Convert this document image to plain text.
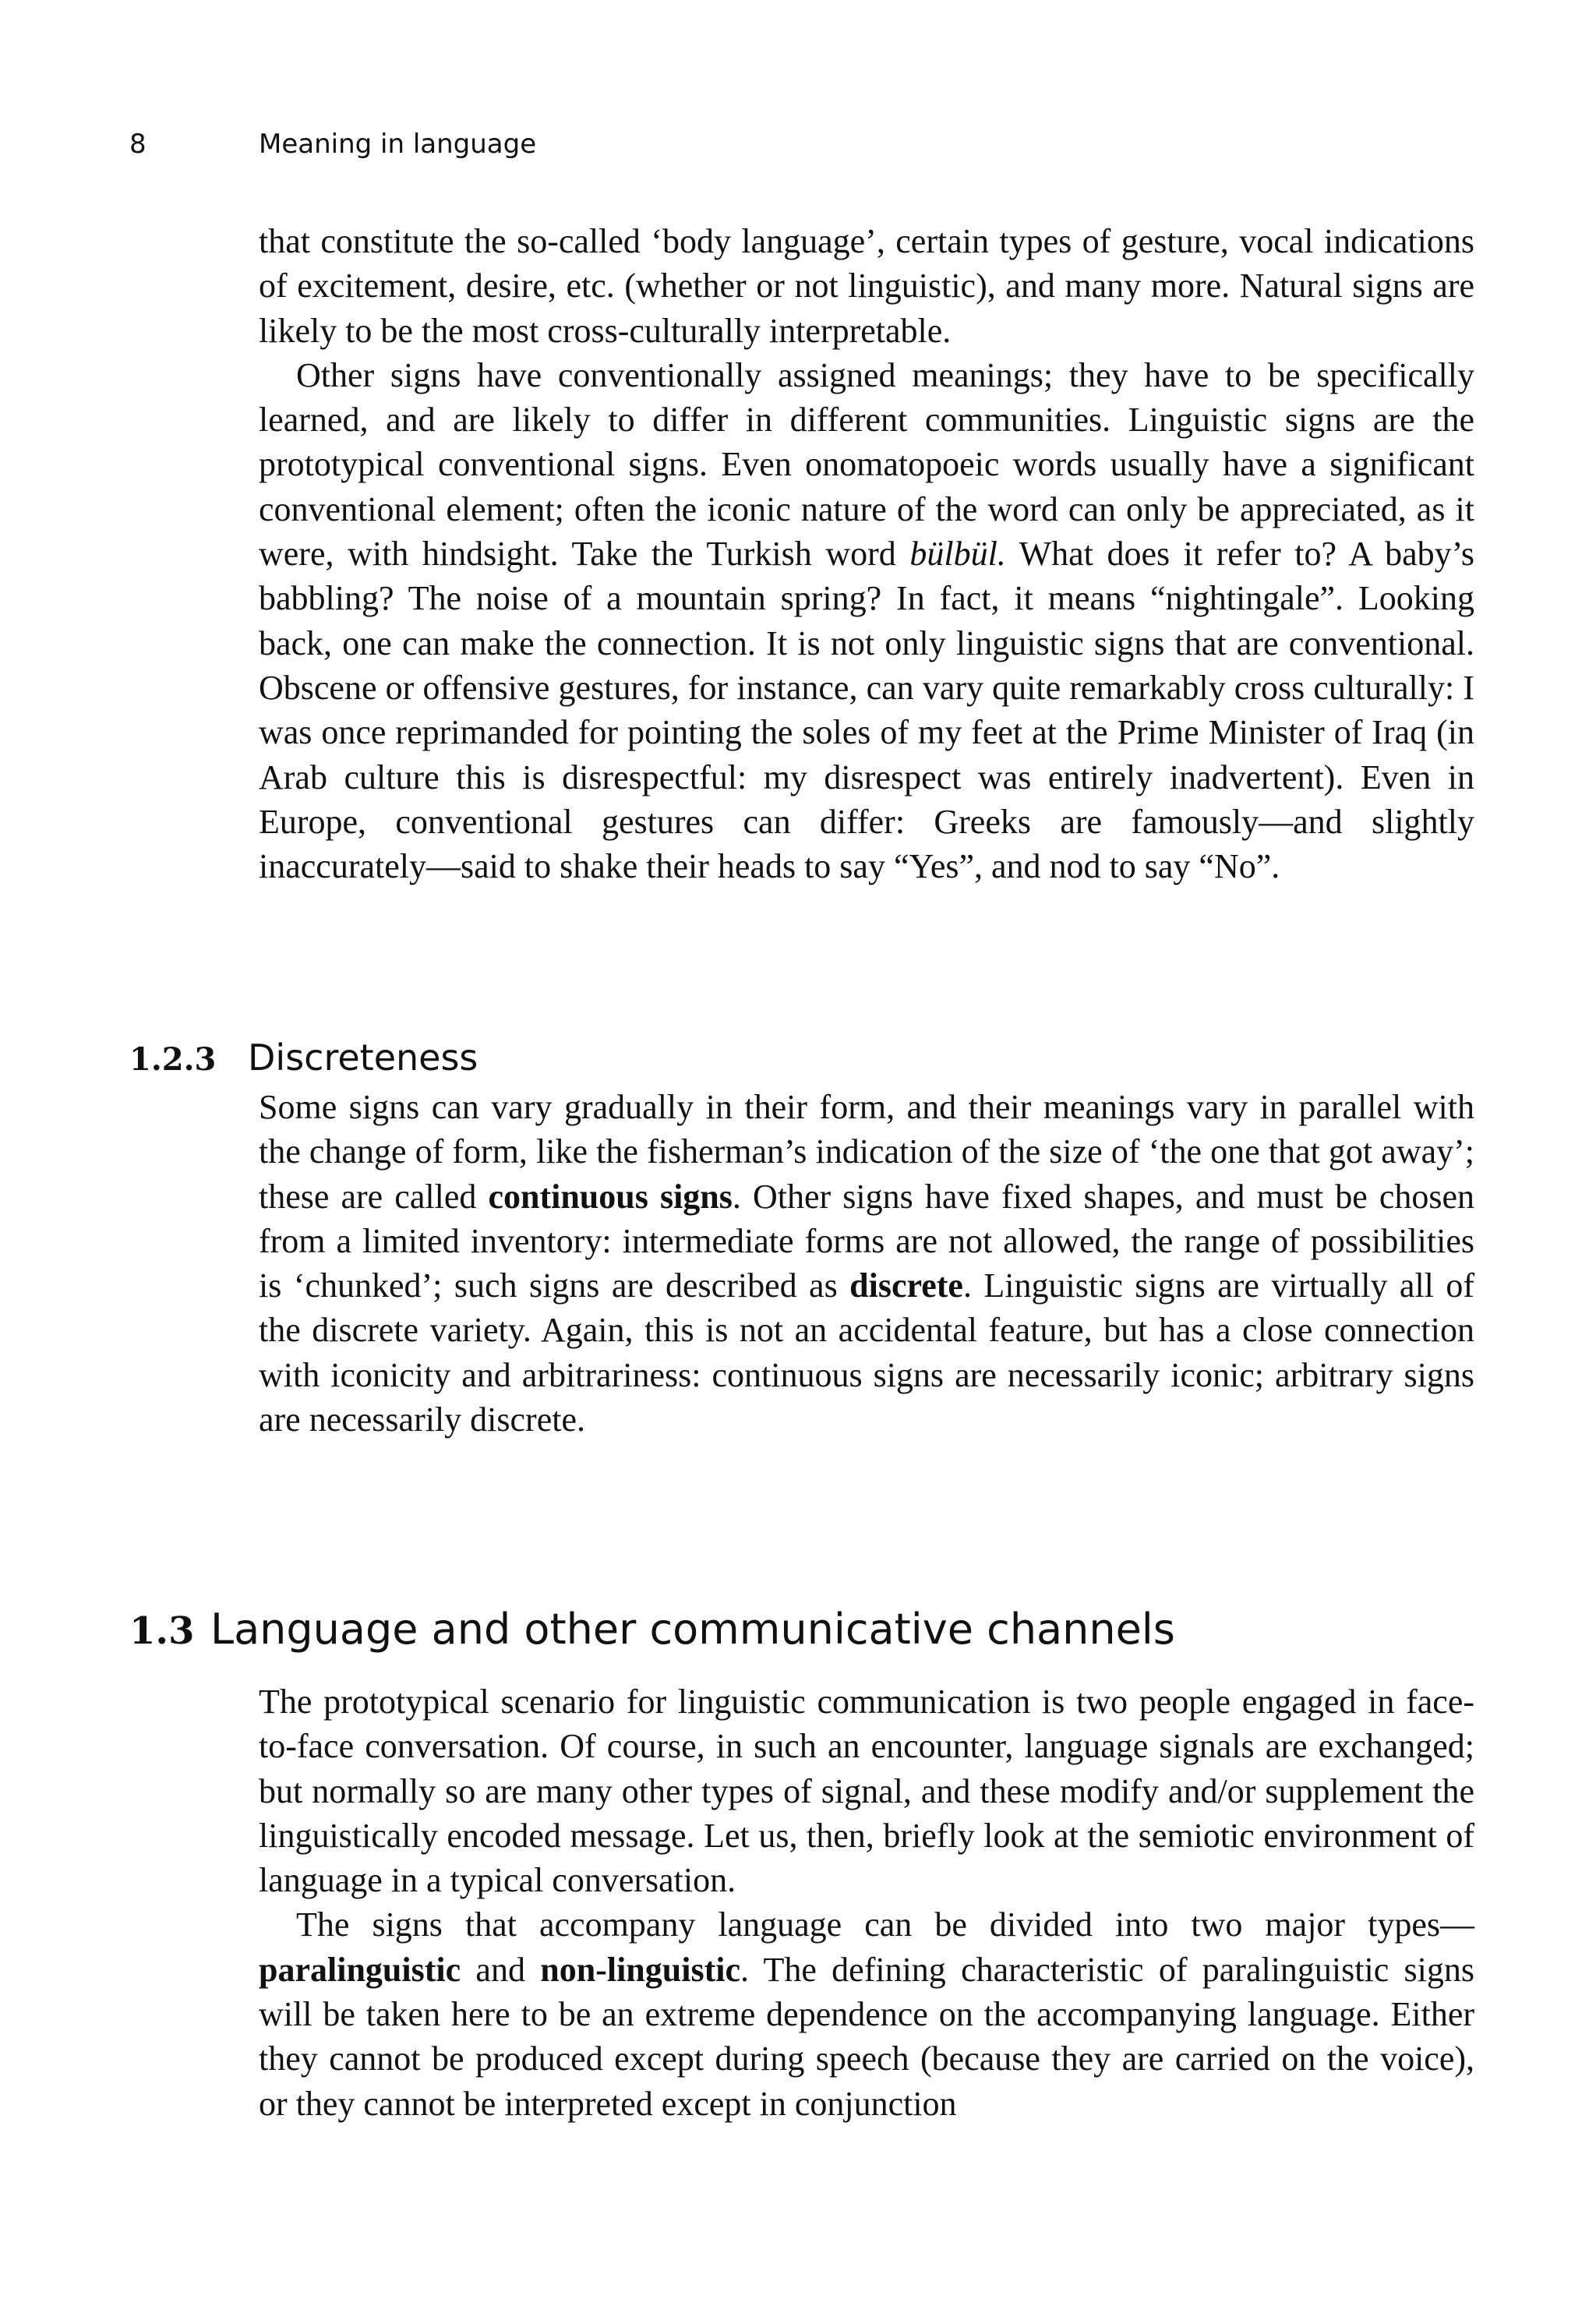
8	Meaning in language

that constitute the so-called ‘body language’, certain types of gesture, vocal indications of excitement, desire, etc. (whether or not linguistic), and many more. Natural signs are likely to be the most cross-culturally interpretable.

Other signs have conventionally assigned meanings; they have to be specifically learned, and are likely to differ in different communities. Linguistic signs are the prototypical conventional signs. Even onomatopoeic words usually have a significant conventional element; often the iconic nature of the word can only be appreciated, as it were, with hindsight. Take the Turkish word bülbül. What does it refer to? A baby’s babbling? The noise of a mountain spring? In fact, it means “nightingale”. Looking back, one can make the connection. It is not only linguistic signs that are conventional. Obscene or offensive gestures, for instance, can vary quite remarkably cross culturally: I was once reprimanded for pointing the soles of my feet at the Prime Minister of Iraq (in Arab culture this is disrespectful: my disrespect was entirely inadvertent). Even in Europe, conventional gestures can differ: Greeks are famously—and slightly inaccurately—said to shake their heads to say “Yes”, and nod to say “No”.

1.2.3 Discreteness

Some signs can vary gradually in their form, and their meanings vary in parallel with the change of form, like the fisherman’s indication of the size of ‘the one that got away’; these are called continuous signs. Other signs have fixed shapes, and must be chosen from a limited inventory: intermediate forms are not allowed, the range of possibilities is ‘chunked’; such signs are described as discrete. Linguistic signs are virtually all of the discrete variety. Again, this is not an accidental feature, but has a close connection with iconicity and arbitrariness: continuous signs are necessarily iconic; arbitrary signs are necessarily discrete.

1.3 Language and other communicative channels

The prototypical scenario for linguistic communication is two people engaged in face-to-face conversation. Of course, in such an encounter, language signals are exchanged; but normally so are many other types of signal, and these modify and/or supplement the linguistically encoded message. Let us, then, briefly look at the semiotic environment of language in a typical conversation.

The signs that accompany language can be divided into two major types—paralinguistic and non-linguistic. The defining characteristic of paralinguistic signs will be taken here to be an extreme dependence on the accompanying language. Either they cannot be produced except during speech (because they are carried on the voice), or they cannot be interpreted except in conjunction
